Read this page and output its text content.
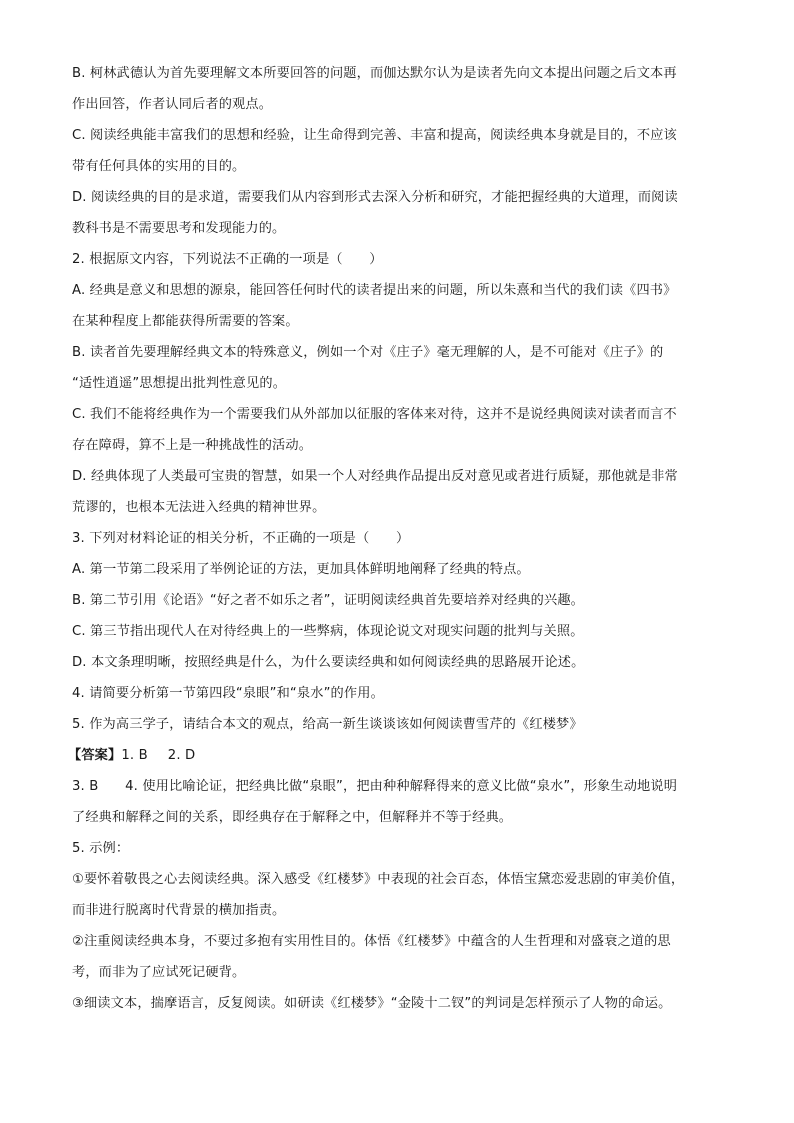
B. 柯林武德认为首先要理解文本所要回答的问题，而伽达默尔认为是读者先向文本提出问题之后文本再
作出回答，作者认同后者的观点。
C. 阅读经典能丰富我们的思想和经验，让生命得到完善、丰富和提高，阅读经典本身就是目的，不应该
带有任何具体的实用的目的。
D. 阅读经典的目的是求道，需要我们从内容到形式去深入分析和研究，才能把握经典的大道理，而阅读
教科书是不需要思考和发现能力的。
2. 根据原文内容，下列说法不正确的一项是（　　）
A. 经典是意义和思想的源泉，能回答任何时代的读者提出来的问题，所以朱熹和当代的我们读《四书》
在某种程度上都能获得所需要的答案。
B. 读者首先要理解经典文本的特殊意义，例如一个对《庄子》毫无理解的人，是不可能对《庄子》的
“适性逍遥”思想提出批判性意见的。
C. 我们不能将经典作为一个需要我们从外部加以征服的客体来对待，这并不是说经典阅读对读者而言不
存在障碍，算不上是一种挑战性的活动。
D. 经典体现了人类最可宝贵的智慧，如果一个人对经典作品提出反对意见或者进行质疑，那他就是非常
荒谬的，也根本无法进入经典的精神世界。
3. 下列对材料论证的相关分析，不正确的一项是（　　）
A. 第一节第二段采用了举例论证的方法，更加具体鲜明地阐释了经典的特点。
B. 第二节引用《论语》“好之者不如乐之者”，证明阅读经典首先要培养对经典的兴趣。
C. 第三节指出现代人在对待经典上的一些弊病，体现论说文对现实问题的批判与关照。
D. 本文条理明晰，按照经典是什么，为什么要读经典和如何阅读经典的思路展开论述。
4. 请简要分析第一节第四段“泉眼”和“泉水”的作用。
5. 作为高三学子，请结合本文的观点，给高一新生谈谈该如何阅读曹雪芹的《红楼梦》
【答案】1. B 2. D
3. B　　4. 使用比喻论证，把经典比做“泉眼”，把由种种解释得来的意义比做“泉水”，形象生动地说明
了经典和解释之间的关系，即经典存在于解释之中，但解释并不等于经典。
5. 示例：
①要怀着敬畏之心去阅读经典。深入感受《红楼梦》中表现的社会百态，体悟宝黛恋爱悲剧的审美价值，
而非进行脱离时代背景的横加指责。
②注重阅读经典本身，不要过多抱有实用性目的。体悟《红楼梦》中蕴含的人生哲理和对盛衰之道的思
考，而非为了应试死记硬背。
③细读文本，揣摩语言，反复阅读。如研读《红楼梦》“金陵十二钗”的判词是怎样预示了人物的命运。
